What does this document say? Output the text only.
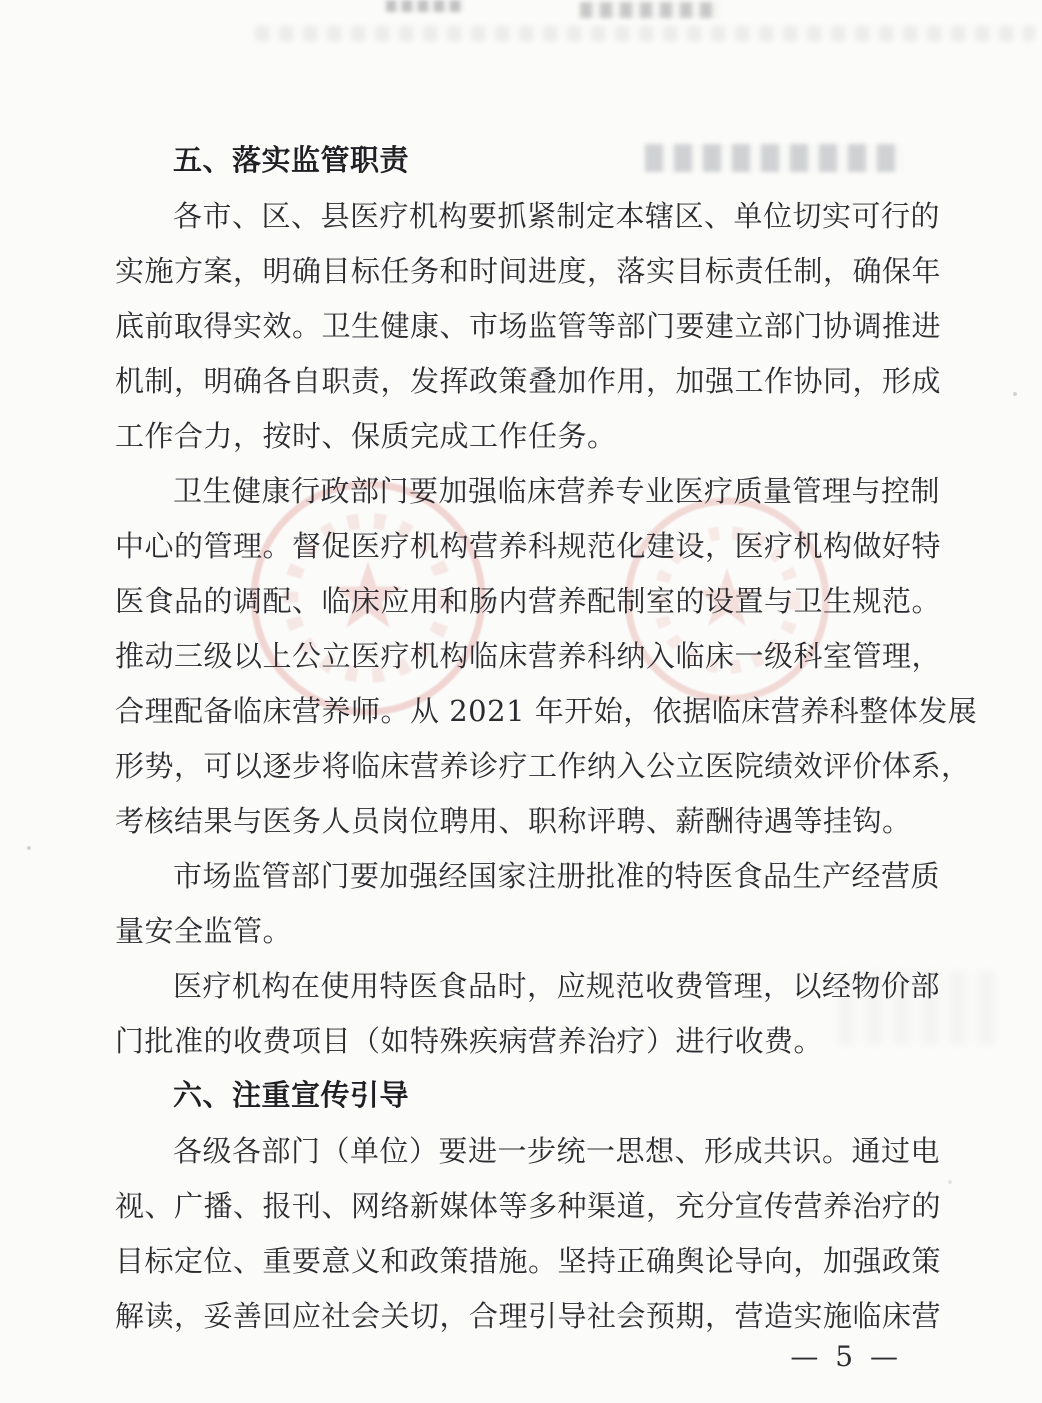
五、落实监管职责
各市、区、县医疗机构要抓紧制定本辖区、单位切实可行的
实施方案，明确目标任务和时间进度，落实目标责任制，确保年
底前取得实效。卫生健康、市场监管等部门要建立部门协调推进
机制，明确各自职责，发挥政策叠加作用，加强工作协同，形成
工作合力，按时、保质完成工作任务。
卫生健康行政部门要加强临床营养专业医疗质量管理与控制
中心的管理。督促医疗机构营养科规范化建设，医疗机构做好特
医食品的调配、临床应用和肠内营养配制室的设置与卫生规范。
推动三级以上公立医疗机构临床营养科纳入临床一级科室管理，
合理配备临床营养师。从 2021 年开始，依据临床营养科整体发展
形势，可以逐步将临床营养诊疗工作纳入公立医院绩效评价体系，
考核结果与医务人员岗位聘用、职称评聘、薪酬待遇等挂钩。
市场监管部门要加强经国家注册批准的特医食品生产经营质
量安全监管。
医疗机构在使用特医食品时，应规范收费管理，以经物价部
门批准的收费项目（如特殊疾病营养治疗）进行收费。
六、注重宣传引导
各级各部门（单位）要进一步统一思想、形成共识。通过电
视、广播、报刊、网络新媒体等多种渠道，充分宣传营养治疗的
目标定位、重要意义和政策措施。坚持正确舆论导向，加强政策
解读，妥善回应社会关切，合理引导社会预期，营造实施临床营
— 5 —
